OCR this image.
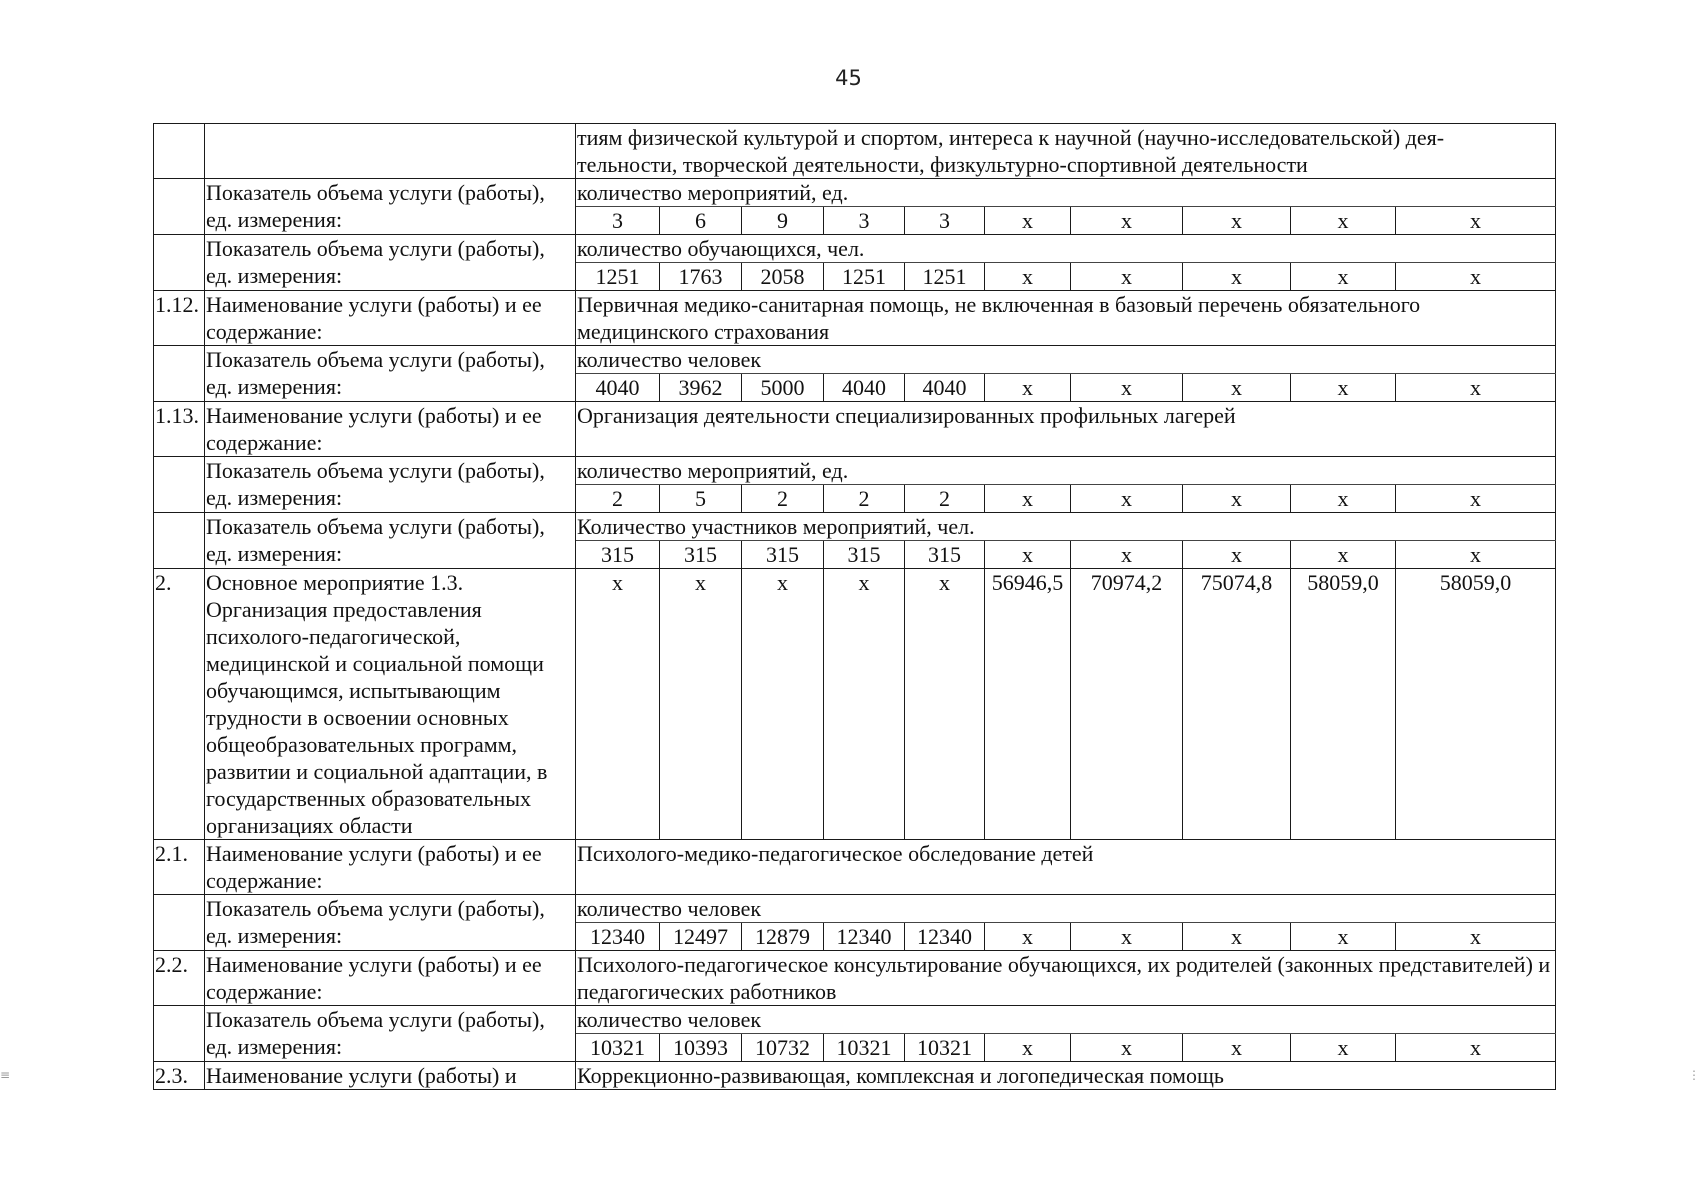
45

		тиям физической культурой и спортом, интереса к научной (научно-исследовательской) дея-
тельности, творческой деятельности, физкультурно-спортивной деятельности									

	Показатель объема услуги (работы), ед. измерения:	количество мероприятий, ед.									
		3	6	9	3	3	x	x	x	x	x
	Показатель объема услуги (работы), ед. измерения:	количество обучающихся, чел.									
		1251	1763	2058	1251	1251	x	x	x	x	x
1.12.	Наименование услуги (работы) и ее содержание:	Первичная медико-санитарная помощь, не включенная в базовый перечень обязательного медицинского страхования									
	Показатель объема услуги (работы), ед. измерения:	количество человек									
		4040	3962	5000	4040	4040	x	x	x	x	x
1.13.	Наименование услуги (работы) и ее содержание:	Организация деятельности специализированных профильных лагерей									
	Показатель объема услуги (работы), ед. измерения:	количество мероприятий, ед.									
		2	5	2	2	2	x	x	x	x	x
	Показатель объема услуги (работы), ед. измерения:	Количество участников мероприятий, чел.									
		315	315	315	315	315	x	x	x	x	x
2.	Основное мероприятие 1.3. Организация предоставления психолого-педагогической, медицинской и социальной помощи обучающимся, испытывающим трудности в освоении основных общеобразовательных программ, развитии и социальной адаптации, в государственных образовательных организациях области	x	x	x	x	x	56946,5	70974,2	75074,8	58059,0	58059,0
2.1.	Наименование услуги (работы) и ее содержание:	Психолого-медико-педагогическое обследование детей									
	Показатель объема услуги (работы), ед. измерения:	количество человек									
		12340	12497	12879	12340	12340	x	x	x	x	x
2.2.	Наименование услуги (работы) и ее содержание:	Психолого-педагогическое консультирование обучающихся, их родителей (законных представителей) и педагогических работников									
	Показатель объема услуги (работы), ед. измерения:	количество человек									
		10321	10393	10732	10321	10321	x	x	x	x	x
2.3.	Наименование услуги (работы) и	Коррекционно-развивающая, комплексная и логопедическая помощь									
≡	⋮
